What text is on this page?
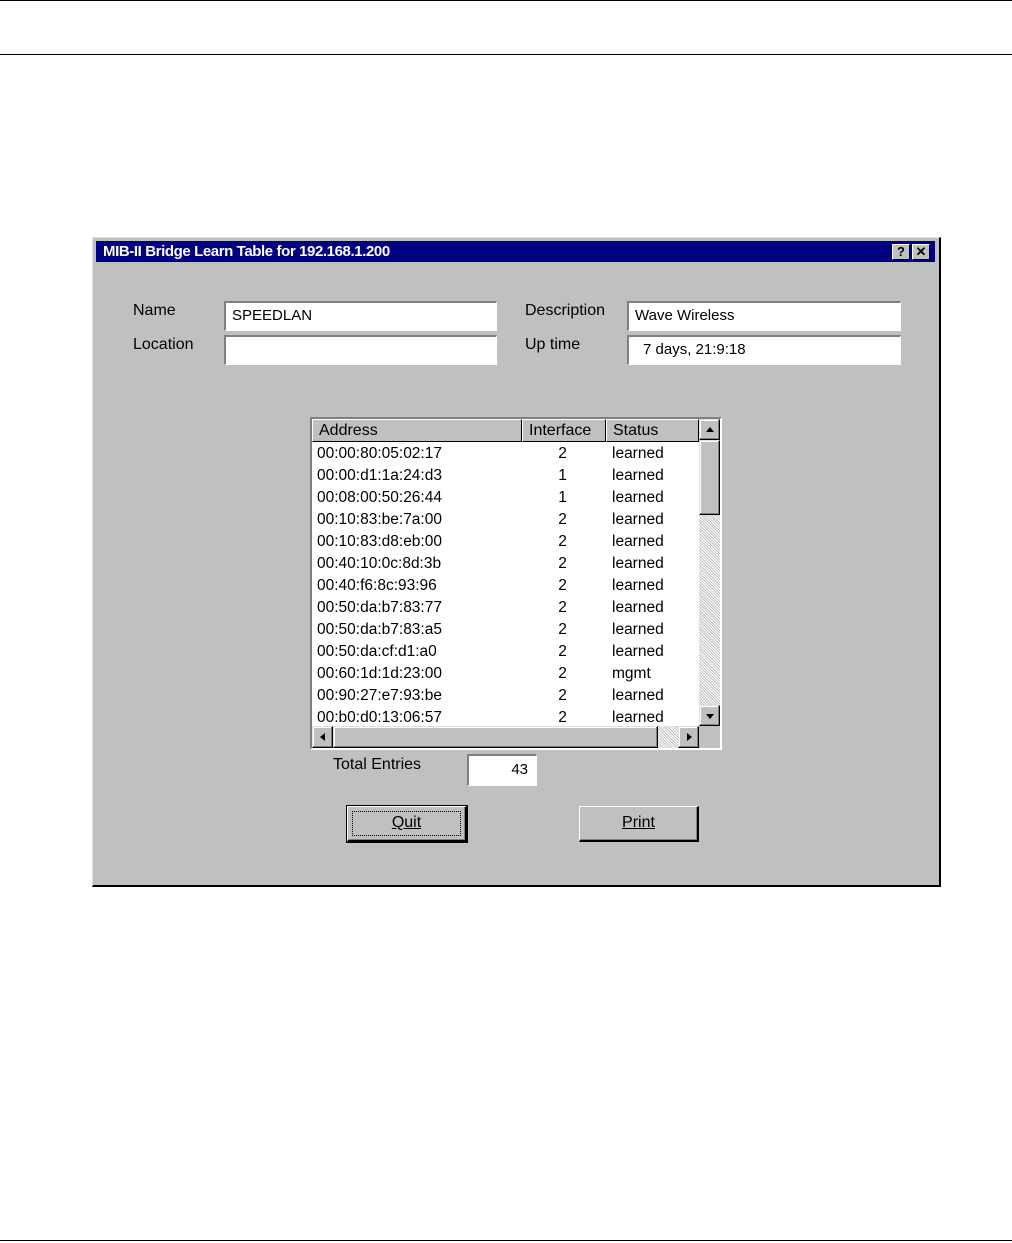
MIB-II Bridge Learn Table for 192.168.1.200	? ✕
Name	SPEEDLAN
Location
Description	Wave Wireless
Up time	7 days, 21:9:18
Address	Interface	Status
00:00:80:05:02:17	2	learned
00:00:d1:1a:24:d3	1	learned
00:08:00:50:26:44	1	learned
00:10:83:be:7a:00	2	learned
00:10:83:d8:eb:00	2	learned
00:40:10:0c:8d:3b	2	learned
00:40:f6:8c:93:96	2	learned
00:50:da:b7:83:77	2	learned
00:50:da:b7:83:a5	2	learned
00:50:da:cf:d1:a0	2	learned
00:60:1d:1d:23:00	2	mgmt
00:90:27:e7:93:be	2	learned
00:b0:d0:13:06:57	2	learned
Total Entries	43
Quit	Print
